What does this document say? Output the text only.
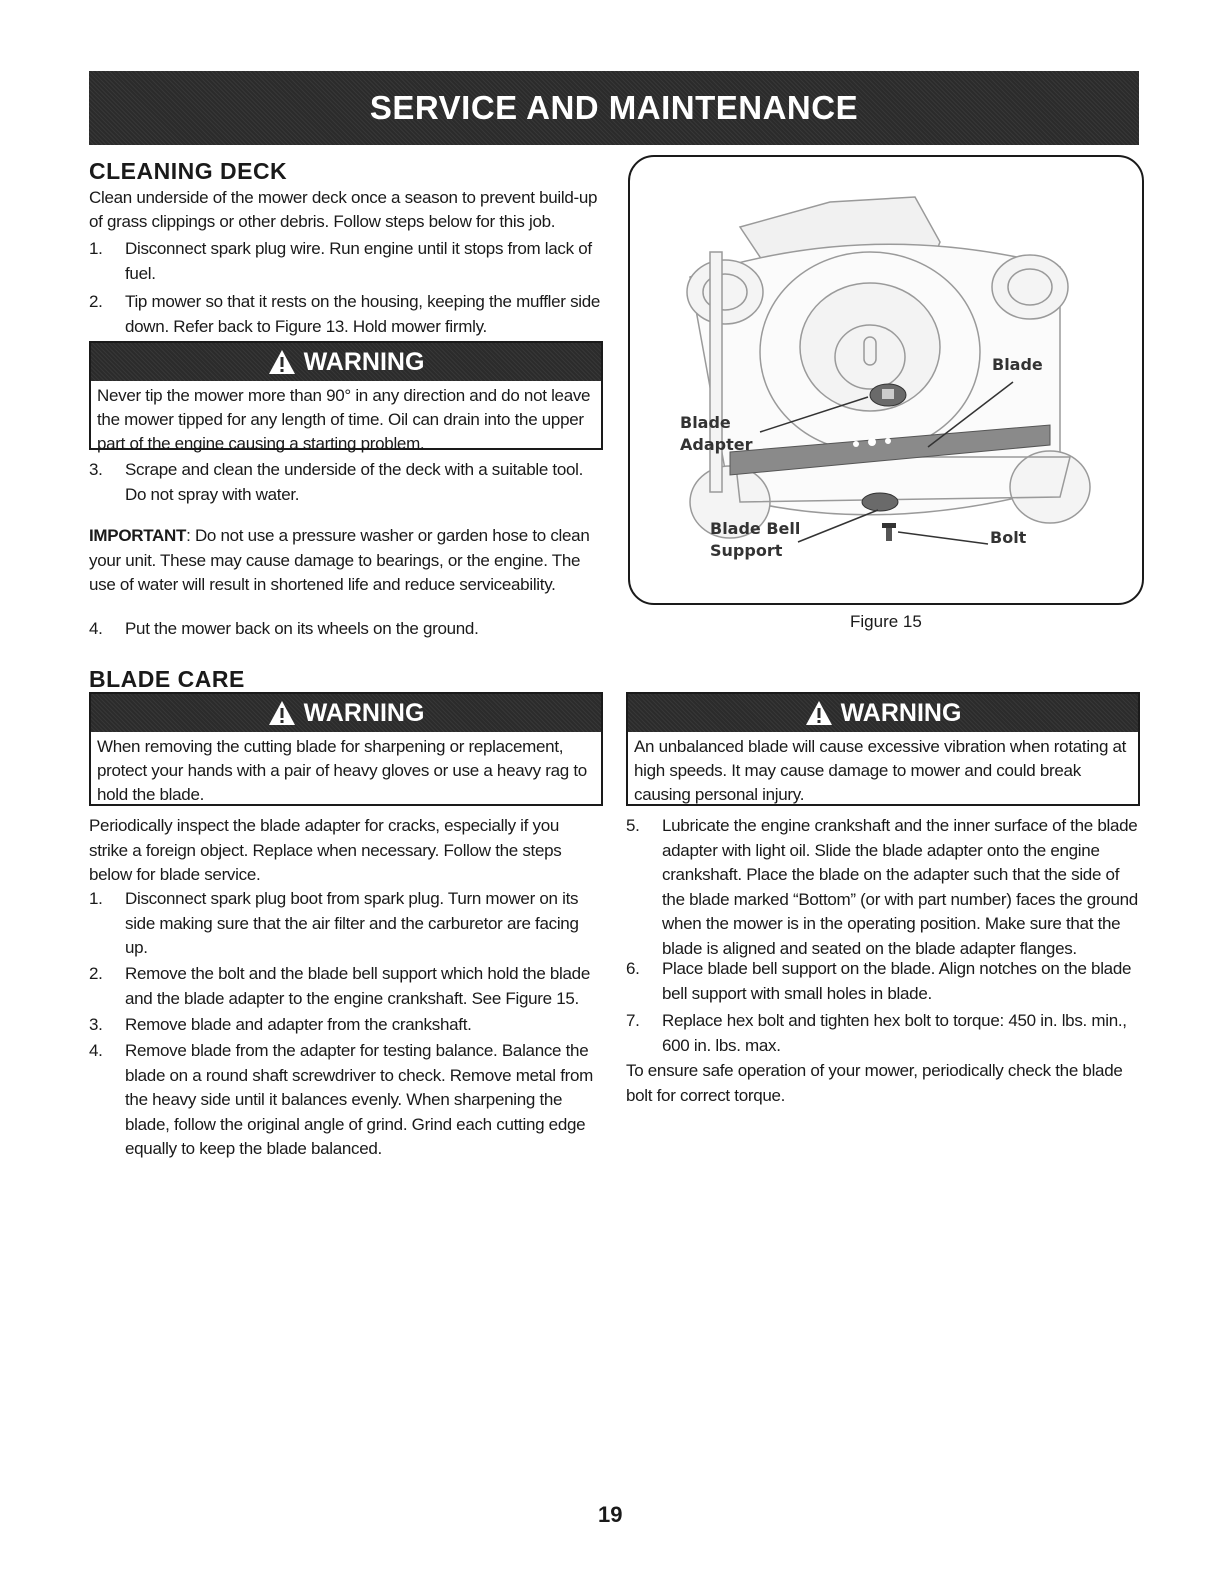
SERVICE AND MAINTENANCE
CLEANING DECK

Clean underside of the mower deck once a season to prevent build-up

of grass clippings or other debris. Follow steps below for this job.

1.	Disconnect spark plug wire. Run engine until it stops from lack of fuel.
2.	Tip mower so that it rests on the housing, keeping the muffler side down. Refer back to Figure 13. Hold mower firmly.
WARNING
Never tip the mower more than 90° in any direction and do not leave the mower tipped for any length of time. Oil can drain into the upper part of the engine causing a starting problem.
3.	Scrape and clean the underside of the deck with a suitable tool. Do not spray with water.

IMPORTANT: Do not use a pressure washer or garden hose to clean your unit. These may cause damage to bearings, or the engine. The use of water will result in shortened life and reduce serviceability.

4.	Put the mower back on its wheels on the ground.
Blade
Blade
Adapter
Blade Bell
Support
Bolt
Figure 15
BLADE CARE
WARNING
When removing the cutting blade for sharpening or replacement, protect your hands with a pair of heavy gloves or use a heavy rag to hold the blade.
WARNING
An unbalanced blade will cause excessive vibration when rotating at high speeds. It may cause damage to mower and could break causing personal injury.

Periodically inspect the blade adapter for cracks, especially if you strike a foreign object. Replace when necessary. Follow the steps below for blade service.

1.	Disconnect spark plug boot from spark plug. Turn mower on its side making sure that the air filter and the carburetor are facing up.
2.	Remove the bolt and the blade bell support which hold the blade and the blade adapter to the engine crankshaft. See Figure 15.
3.	Remove blade and adapter from the crankshaft.
4.	Remove blade from the adapter for testing balance. Balance the blade on a round shaft screwdriver to check. Remove metal from the heavy side until it balances evenly. When sharpening the blade, follow the original angle of grind. Grind each cutting edge equally to keep the blade balanced.
5.	Lubricate the engine crankshaft and the inner surface of the blade adapter with light oil. Slide the blade adapter onto the engine crankshaft. Place the blade on the adapter such that the side of the blade marked “Bottom” (or with part number) faces the ground when the mower is in the operating position. Make sure that the blade is aligned and seated on the blade adapter flanges.
6.	Place blade bell support on the blade. Align notches on the blade bell support with small holes in blade.
7.	Replace hex bolt and tighten hex bolt to torque: 450 in. lbs. min., 600 in. lbs. max.

To ensure safe operation of your mower, periodically check the blade bolt for correct torque.

19
